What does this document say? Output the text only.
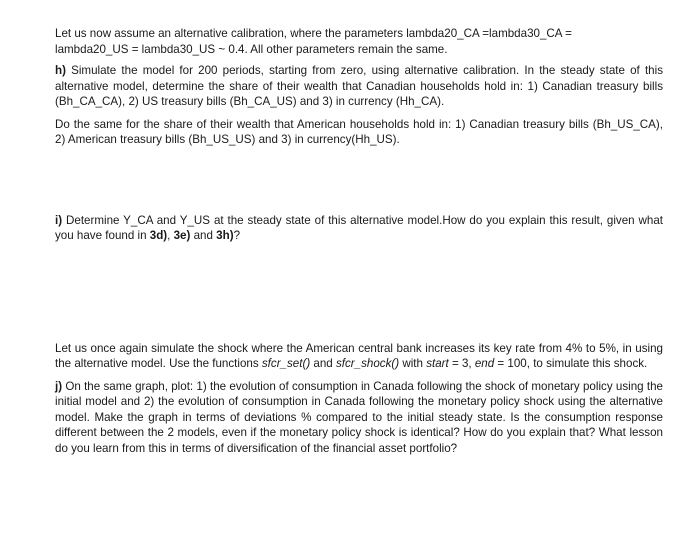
Let us now assume an alternative calibration, where the parameters lambda20_CA =lambda30_CA =
lambda20_US = lambda30_US ~ 0.4. All other parameters remain the same.

h) Simulate the model for 200 periods, starting from zero, using alternative calibration. In the steady state of this alternative model, determine the share of their wealth that Canadian households hold in: 1) Canadian treasury bills (Bh_CA_CA), 2) US treasury bills (Bh_CA_US) and 3) in currency (Hh_CA).

Do the same for the share of their wealth that American households hold in: 1) Canadian treasury bills (Bh_US_CA), 2) American treasury bills (Bh_US_US) and 3) in currency(Hh_US).

i) Determine Y_CA and Y_US at the steady state of this alternative model.How do you explain this result, given what you have found in 3d), 3e) and 3h)?

Let us once again simulate the shock where the American central bank increases its key rate from 4% to 5%, in using the alternative model. Use the functions sfcr_set() and sfcr_shock() with start = 3, end = 100, to simulate this shock.

j) On the same graph, plot: 1) the evolution of consumption in Canada following the shock of monetary policy using the initial model and 2) the evolution of consumption in Canada following the monetary policy shock using the alternative model. Make the graph in terms of deviations % compared to the initial steady state. Is the consumption response different between the 2 models, even if the monetary policy shock is identical? How do you explain that? What lesson do you learn from this in terms of diversification of the financial asset portfolio?
